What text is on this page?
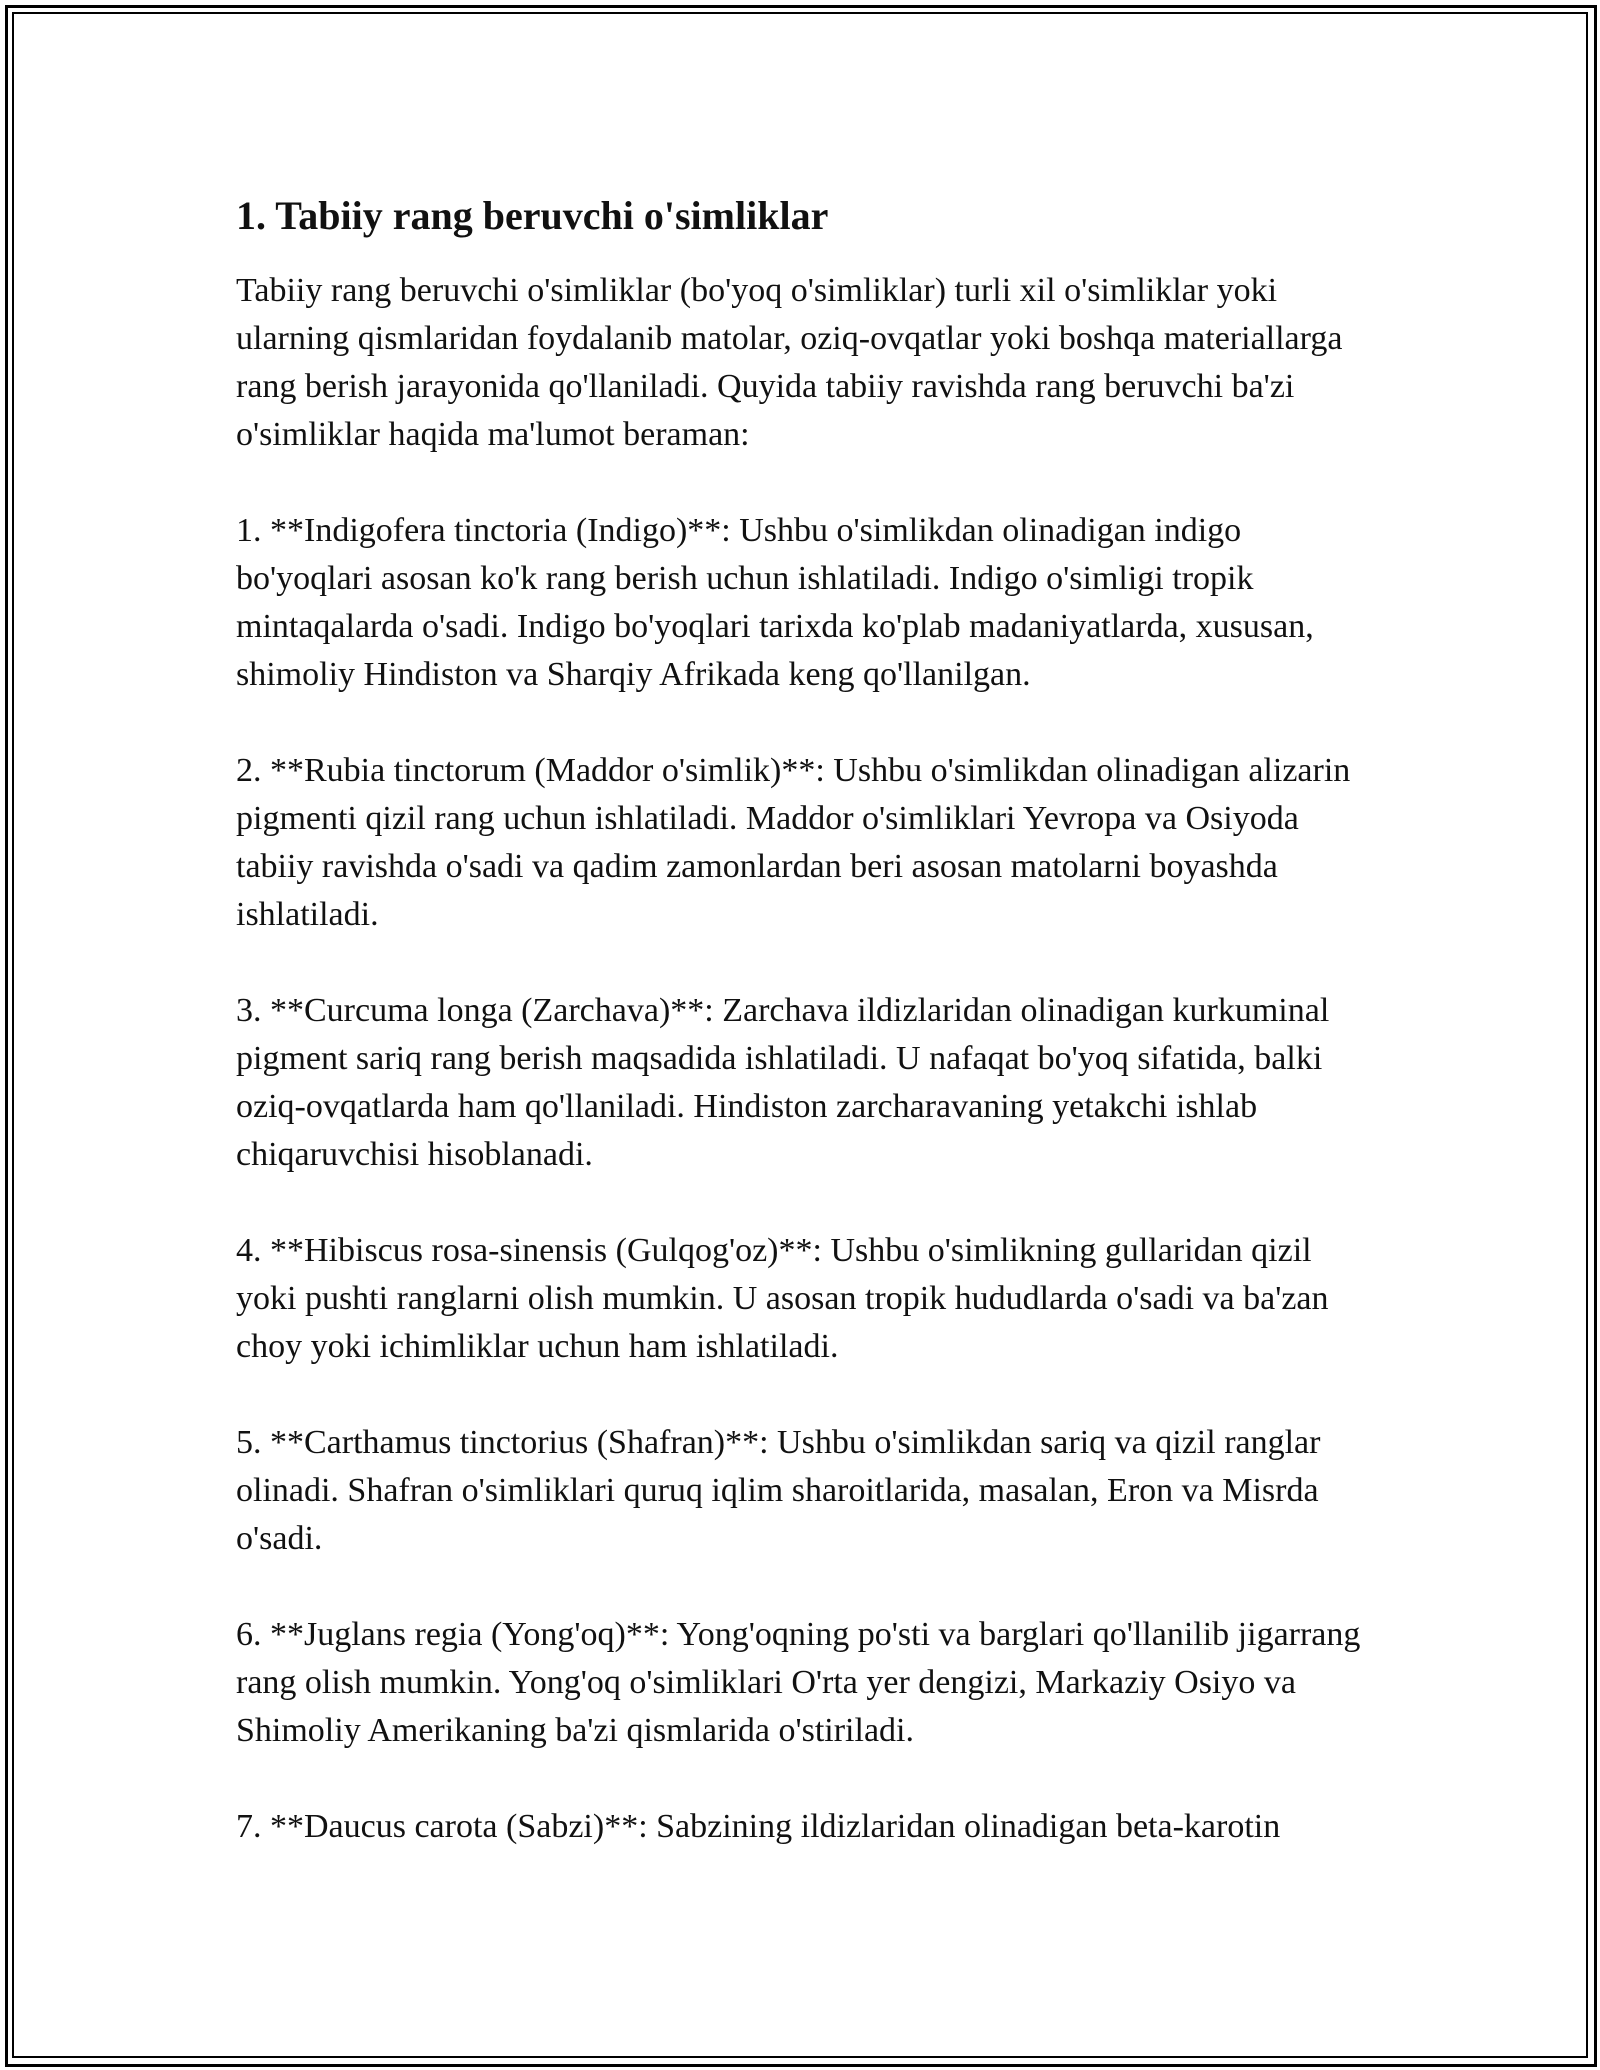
1. Tabiiy rang beruvchi o'simliklar

Tabiiy rang beruvchi o'simliklar (bo'yoq o'simliklar) turli xil o'simliklar yoki ularning qismlaridan foydalanib matolar, oziq-ovqatlar yoki boshqa materiallarga rang berish jarayonida qo'llaniladi. Quyida tabiiy ravishda rang beruvchi ba'zi o'simliklar haqida ma'lumot beraman:

1. **Indigofera tinctoria (Indigo)**: Ushbu o'simlikdan olinadigan indigo bo'yoqlari asosan ko'k rang berish uchun ishlatiladi. Indigo o'simligi tropik mintaqalarda o'sadi. Indigo bo'yoqlari tarixda ko'plab madaniyatlarda, xususan, shimoliy Hindiston va Sharqiy Afrikada keng qo'llanilgan.

2. **Rubia tinctorum (Maddor o'simlik)**: Ushbu o'simlikdan olinadigan alizarin pigmenti qizil rang uchun ishlatiladi. Maddor o'simliklari Yevropa va Osiyoda tabiiy ravishda o'sadi va qadim zamonlardan beri asosan matolarni boyashda ishlatiladi.

3. **Curcuma longa (Zarchava)**: Zarchava ildizlaridan olinadigan kurkuminal pigment sariq rang berish maqsadida ishlatiladi. U nafaqat bo'yoq sifatida, balki oziq-ovqatlarda ham qo'llaniladi. Hindiston zarcharavaning yetakchi ishlab chiqaruvchisi hisoblanadi.

4. **Hibiscus rosa-sinensis (Gulqog'oz)**: Ushbu o'simlikning gullaridan qizil yoki pushti ranglarni olish mumkin. U asosan tropik hududlarda o'sadi va ba'zan choy yoki ichimliklar uchun ham ishlatiladi.

5. **Carthamus tinctorius (Shafran)**: Ushbu o'simlikdan sariq va qizil ranglar olinadi. Shafran o'simliklari quruq iqlim sharoitlarida, masalan, Eron va Misrda o'sadi.

6. **Juglans regia (Yong'oq)**: Yong'oqning po'sti va barglari qo'llanilib jigarrang rang olish mumkin. Yong'oq o'simliklari O'rta yer dengizi, Markaziy Osiyo va Shimoliy Amerikaning ba'zi qismlarida o'stiriladi.

7. **Daucus carota (Sabzi)**: Sabzining ildizlaridan olinadigan beta-karotin
